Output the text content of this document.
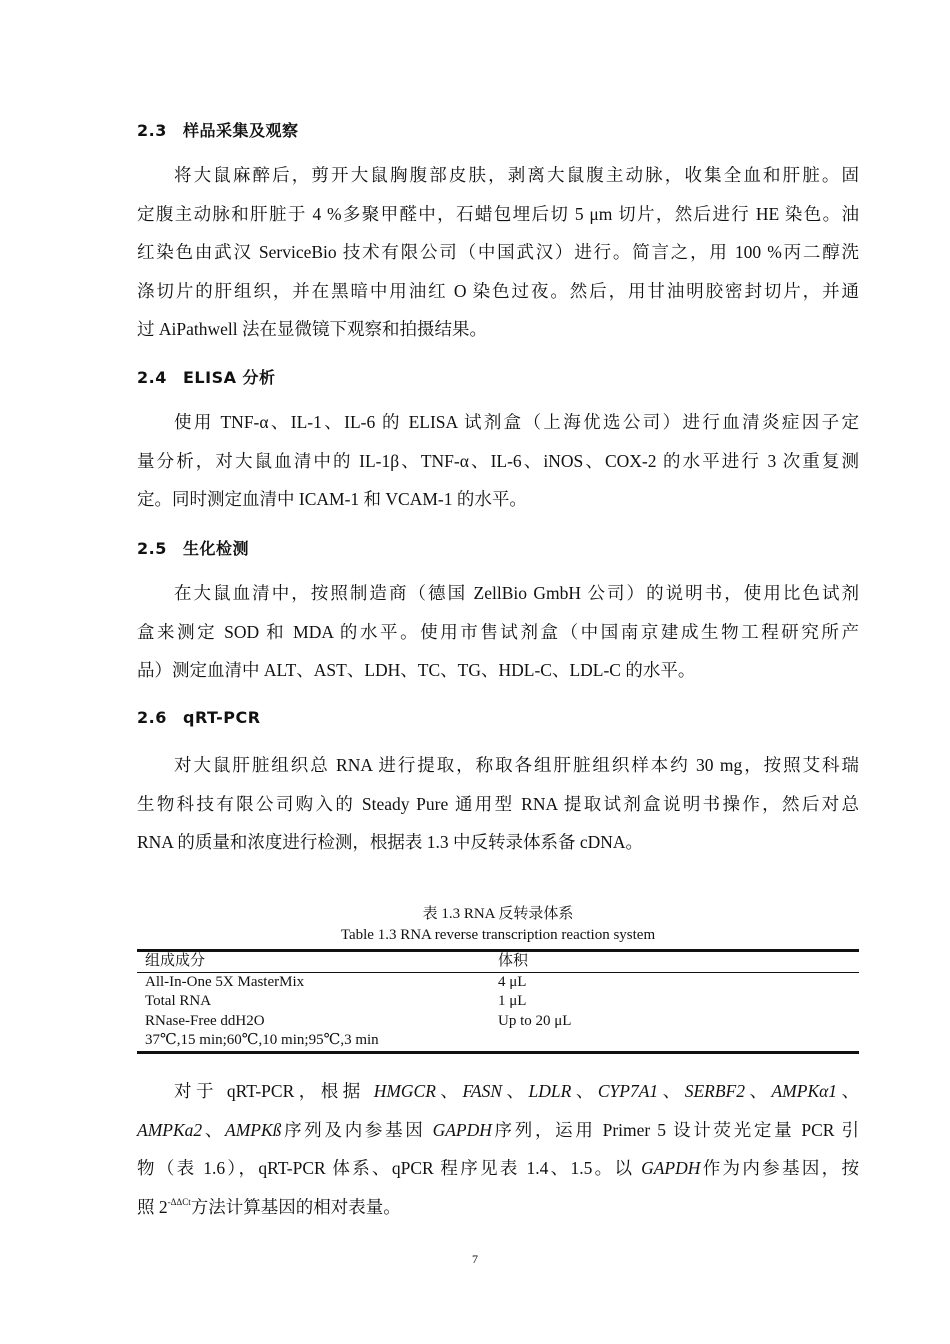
2.3 样品采集及观察
将大鼠麻醉后，剪开大鼠胸腹部皮肤，剥离大鼠腹主动脉，收集全血和肝脏。固
定腹主动脉和肝脏于 4 %多聚甲醛中，石蜡包埋后切 5 μm 切片，然后进行 HE 染色。油
红染色由武汉 ServiceBio 技术有限公司（中国武汉）进行。简言之，用 100 %丙二醇洗
涤切片的肝组织，并在黑暗中用油红 O 染色过夜。然后，用甘油明胶密封切片，并通
过 AiPathwell 法在显微镜下观察和拍摄结果。
2.4 ELISA 分析
使用 TNF-α、IL-1、IL-6 的 ELISA 试剂盒（上海优选公司）进行血清炎症因子定
量分析，对大鼠血清中的 IL-1β、TNF-α、IL-6、iNOS、COX-2 的水平进行 3 次重复测
定。同时测定血清中 ICAM-1 和 VCAM-1 的水平。
2.5 生化检测
在大鼠血清中，按照制造商（德国 ZellBio GmbH 公司）的说明书，使用比色试剂
盒来测定 SOD 和 MDA 的水平。使用市售试剂盒（中国南京建成生物工程研究所产
品）测定血清中 ALT、AST、LDH、TC、TG、HDL-C、LDL-C 的水平。
2.6 qRT-PCR
对大鼠肝脏组织总 RNA 进行提取，称取各组肝脏组织样本约 30 mg，按照艾科瑞
生物科技有限公司购入的 Steady Pure 通用型 RNA 提取试剂盒说明书操作，然后对总
RNA 的质量和浓度进行检测，根据表 1.3 中反转录体系备 cDNA。
表 1.3 RNA 反转录体系
Table 1.3 RNA reverse transcription reaction system
组成成分	体积
All-In-One 5X MasterMix	4 μL
Total RNA	1 μL
RNase-Free ddH2O	Up to 20 μL
37℃,15 min;60℃,10 min;95℃,3 min
对于 qRT-PCR，根据 HMGCR、FASN、LDLR、CYP7A1、SERBF2、AMPKα1、
AMPKa2、AMPKß序列及内参基因 GAPDH序列，运用 Primer 5 设计荧光定量 PCR 引
物（表 1.6），qRT-PCR 体系、qPCR 程序见表 1.4、1.5。以 GAPDH作为内参基因，按
照 $2^{-\Delta\Delta Ct}$方法计算基因的相对表量。
7
